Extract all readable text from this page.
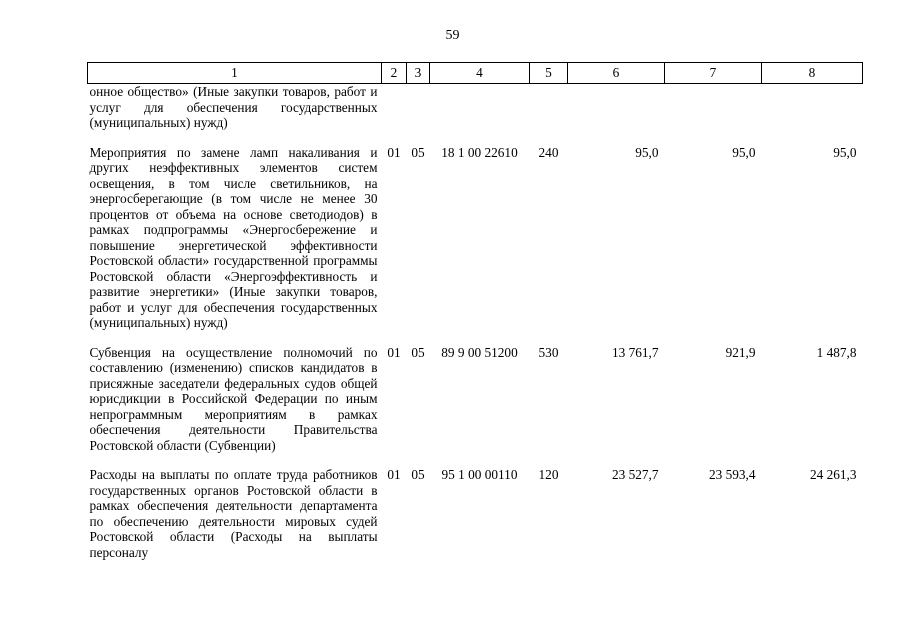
59
1	2	3	4	5	6	7	8
онное общество» (Иные закупки товаров, работ и услуг для обеспечения государственных (муниципальных) нужд)							
Мероприятия по замене ламп накаливания и других неэффективных элементов систем освещения, в том числе светильников, на энергосберегающие (в том числе не менее 30 процентов от объема на основе светодиодов) в рамках подпрограммы «Энергосбережение и повышение энергетической эффективности Ростовской области» государственной программы Ростовской области «Энергоэффективность и развитие энергетики» (Иные закупки товаров, работ и услуг для обеспечения государственных (муниципальных) нужд)	01	05	18 1 00 22610	240	95,0	95,0	95,0
Субвенция на осуществление полномочий по составлению (изменению) списков кандидатов в присяжные заседатели федеральных судов общей юрисдикции в Российской Федерации по иным непрограммным мероприятиям в рамках обеспечения деятельности Правительства Ростовской области (Субвенции)	01	05	89 9 00 51200	530	13 761,7	921,9	1 487,8
Расходы на выплаты по оплате труда работников государственных органов Ростовской области в рамках обеспечения деятельности департамента по обеспечению деятельности мировых судей Ростовской области (Расходы на выплаты персоналу	01	05	95 1 00 00110	120	23 527,7	23 593,4	24 261,3
